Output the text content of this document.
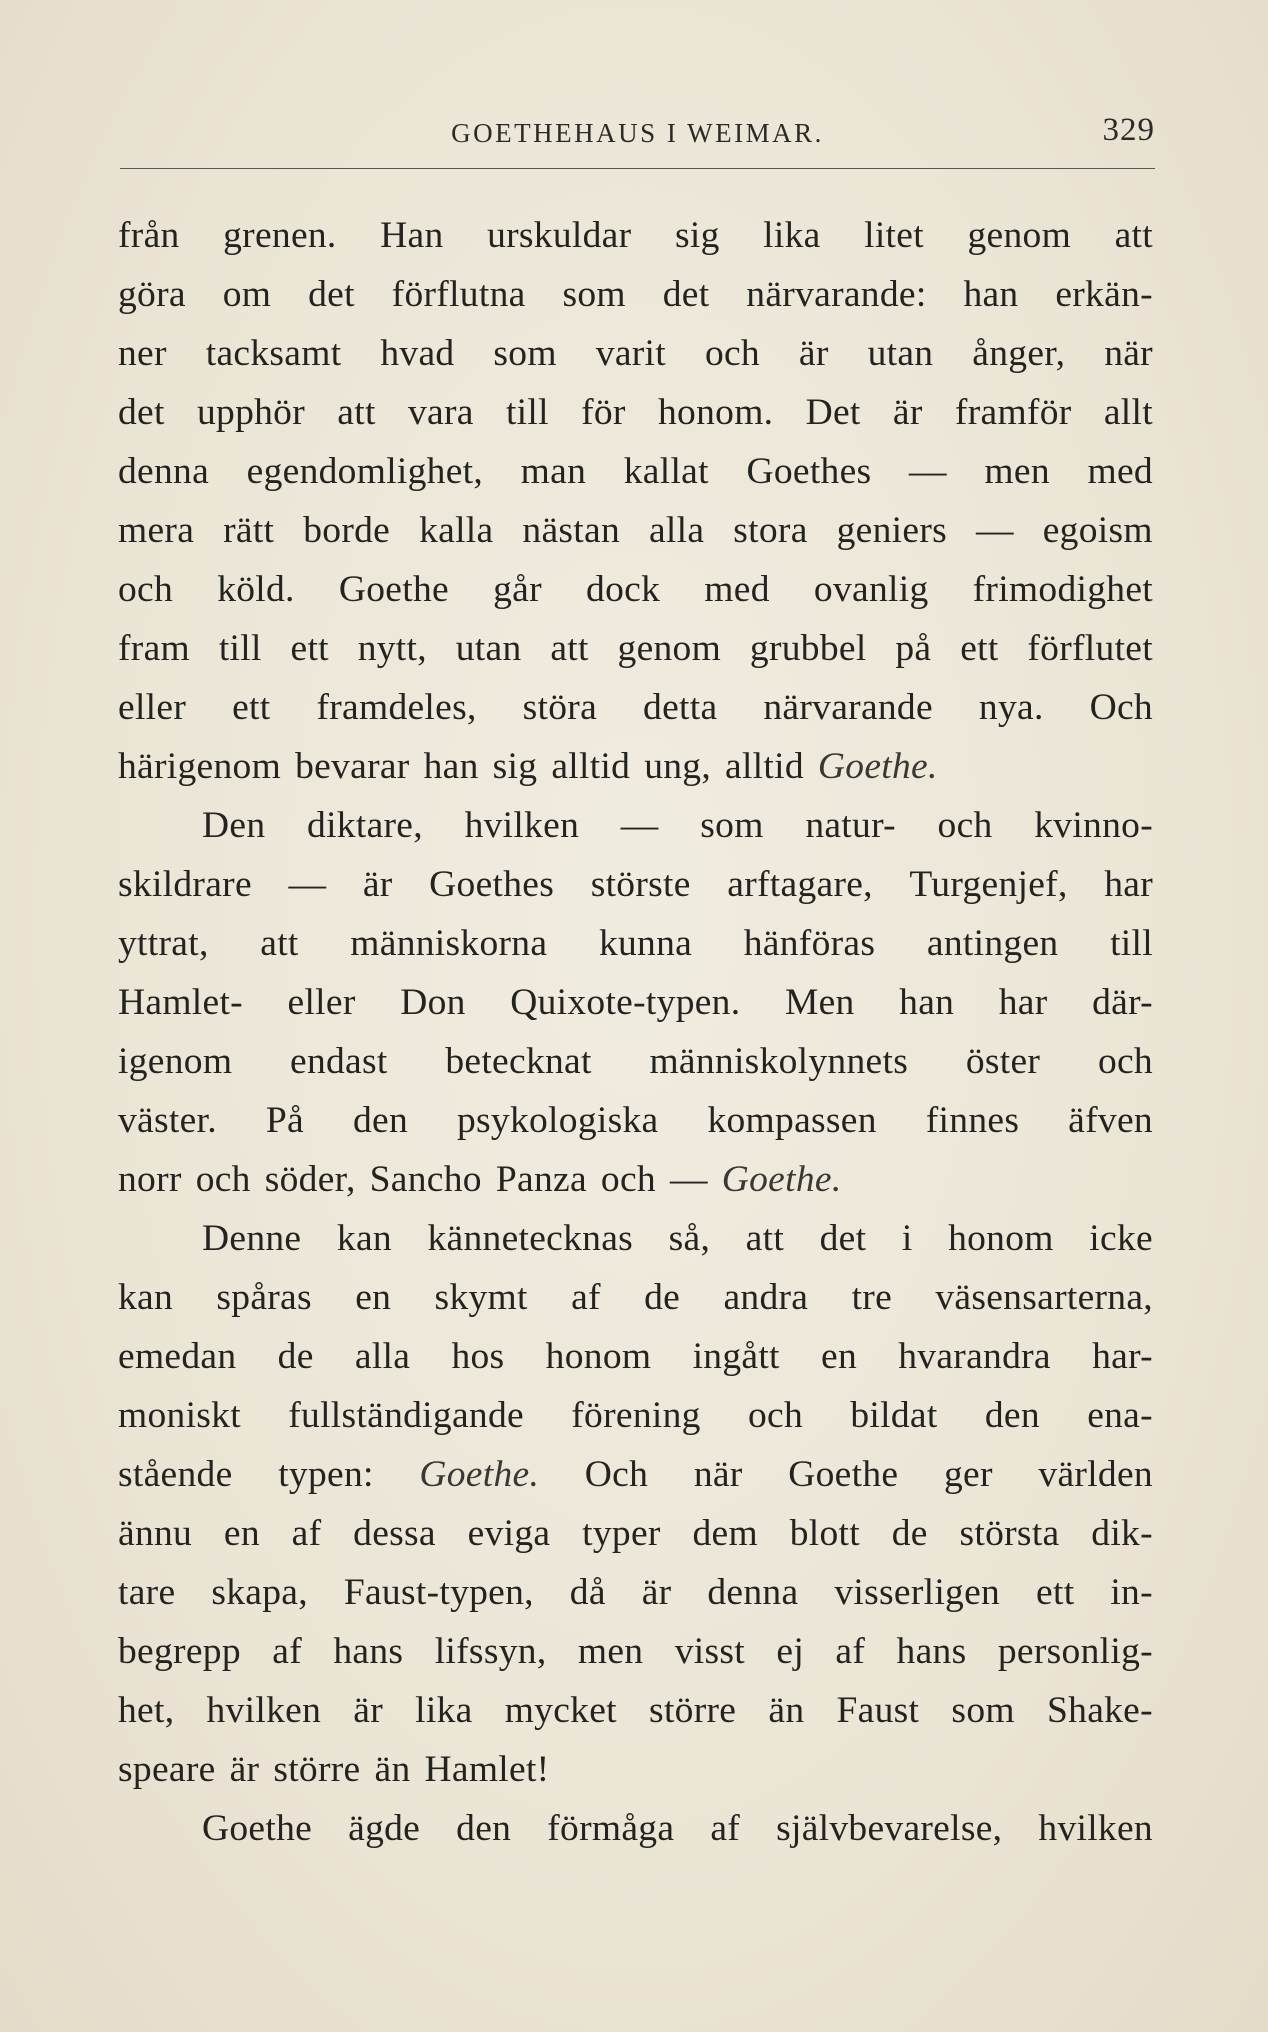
GOETHEHAUS I WEIMAR.	329
från grenen. Han urskuldar sig lika litet genom att
göra om det förflutna som det närvarande: han erkän-
ner tacksamt hvad som varit och är utan ånger, när
det upphör att vara till för honom. Det är framför allt
denna egendomlighet, man kallat Goethes — men med
mera rätt borde kalla nästan alla stora geniers — egoism
och köld. Goethe går dock med ovanlig frimodighet
fram till ett nytt, utan att genom grubbel på ett förflutet
eller ett framdeles, störa detta närvarande nya. Och
härigenom bevarar han sig alltid ung, alltid Goethe.
Den diktare, hvilken — som natur- och kvinno-
skildrare — är Goethes störste arftagare, Turgenjef, har
yttrat, att människorna kunna hänföras antingen till
Hamlet- eller Don Quixote-typen. Men han har där-
igenom endast betecknat människolynnets öster och
väster. På den psykologiska kompassen finnes äfven
norr och söder, Sancho Panza och — Goethe.
Denne kan kännetecknas så, att det i honom icke
kan spåras en skymt af de andra tre väsensarterna,
emedan de alla hos honom ingått en hvarandra har-
moniskt fullständigande förening och bildat den ena-
stående typen: Goethe. Och när Goethe ger världen
ännu en af dessa eviga typer dem blott de största dik-
tare skapa, Faust-typen, då är denna visserligen ett in-
begrepp af hans lifssyn, men visst ej af hans personlig-
het, hvilken är lika mycket större än Faust som Shake-
speare är större än Hamlet!
Goethe ägde den förmåga af självbevarelse, hvilken
